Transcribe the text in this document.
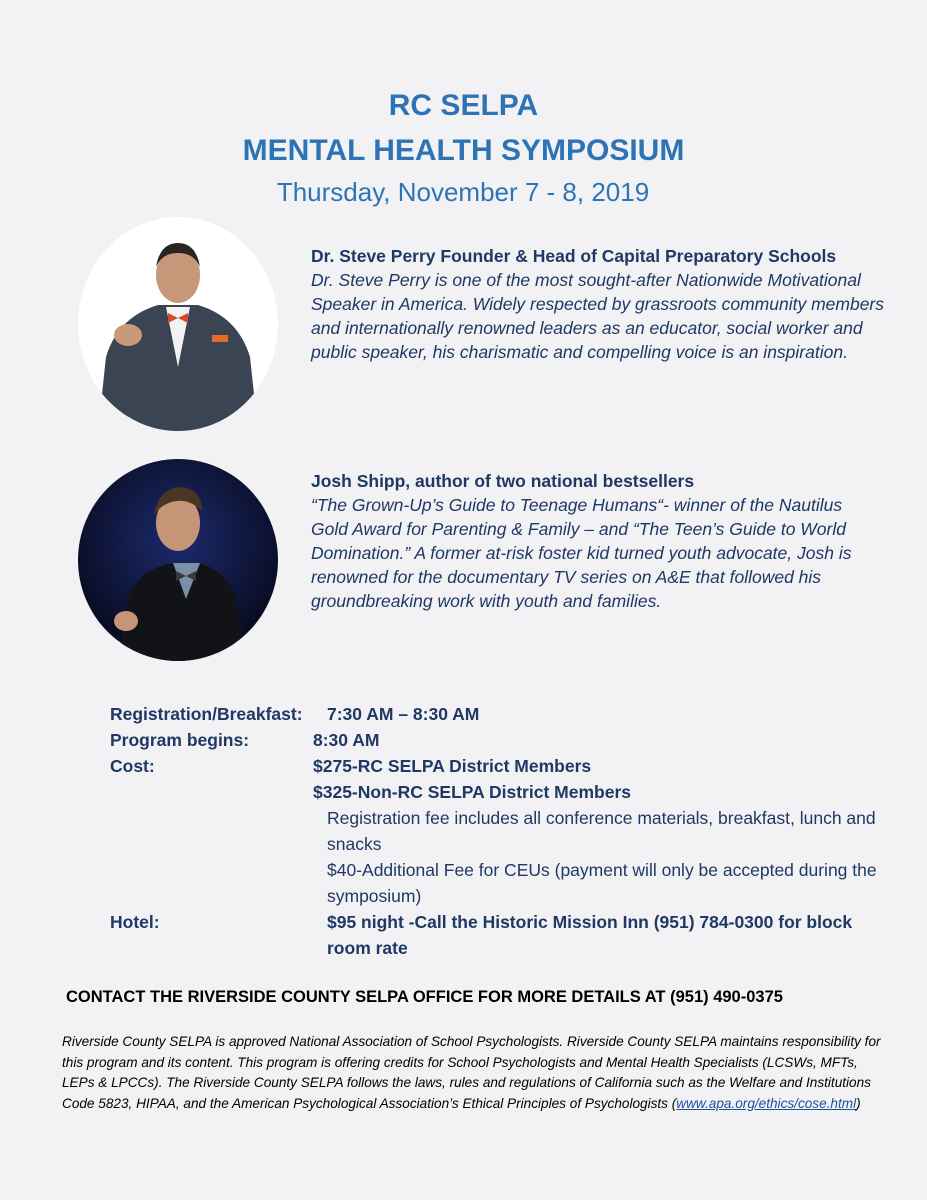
RC SELPA
MENTAL HEALTH SYMPOSIUM
Thursday, November 7 - 8, 2019
Dr. Steve Perry Founder & Head of Capital Preparatory Schools
Dr. Steve Perry is one of the most sought-after Nationwide Motivational Speaker in America. Widely respected by grassroots community members and internationally renowned leaders as an educator, social worker and public speaker, his charismatic and compelling voice is an inspiration.
Josh Shipp, author of two national bestsellers
“The Grown-Up’s Guide to Teenage Humans“- winner of the Nautilus Gold Award for Parenting & Family – and “The Teen’s Guide to World Domination.” A former at-risk foster kid turned youth advocate, Josh is renowned for the documentary TV series on A&E that followed his groundbreaking work with youth and families.
Registration/Breakfast:	7:30 AM – 8:30 AM
Program begins:	8:30 AM
Cost:	$275-RC SELPA District Members
$325-Non-RC SELPA District Members
Registration fee includes all conference materials, breakfast, lunch and snacks
$40-Additional Fee for CEUs (payment will only be accepted during the symposium)
Hotel:	$95 night -Call the Historic Mission Inn (951) 784-0300 for block room rate
CONTACT THE RIVERSIDE COUNTY SELPA OFFICE FOR MORE DETAILS AT (951) 490-0375
Riverside County SELPA is approved National Association of School Psychologists. Riverside County SELPA maintains responsibility for this program and its content. This program is offering credits for School Psychologists and Mental Health Specialists (LCSWs, MFTs, LEPs & LPCCs). The Riverside County SELPA follows the laws, rules and regulations of California such as the Welfare and Institutions Code 5823, HIPAA, and the American Psychological Association’s Ethical Principles of Psychologists (www.apa.org/ethics/cose.html)
